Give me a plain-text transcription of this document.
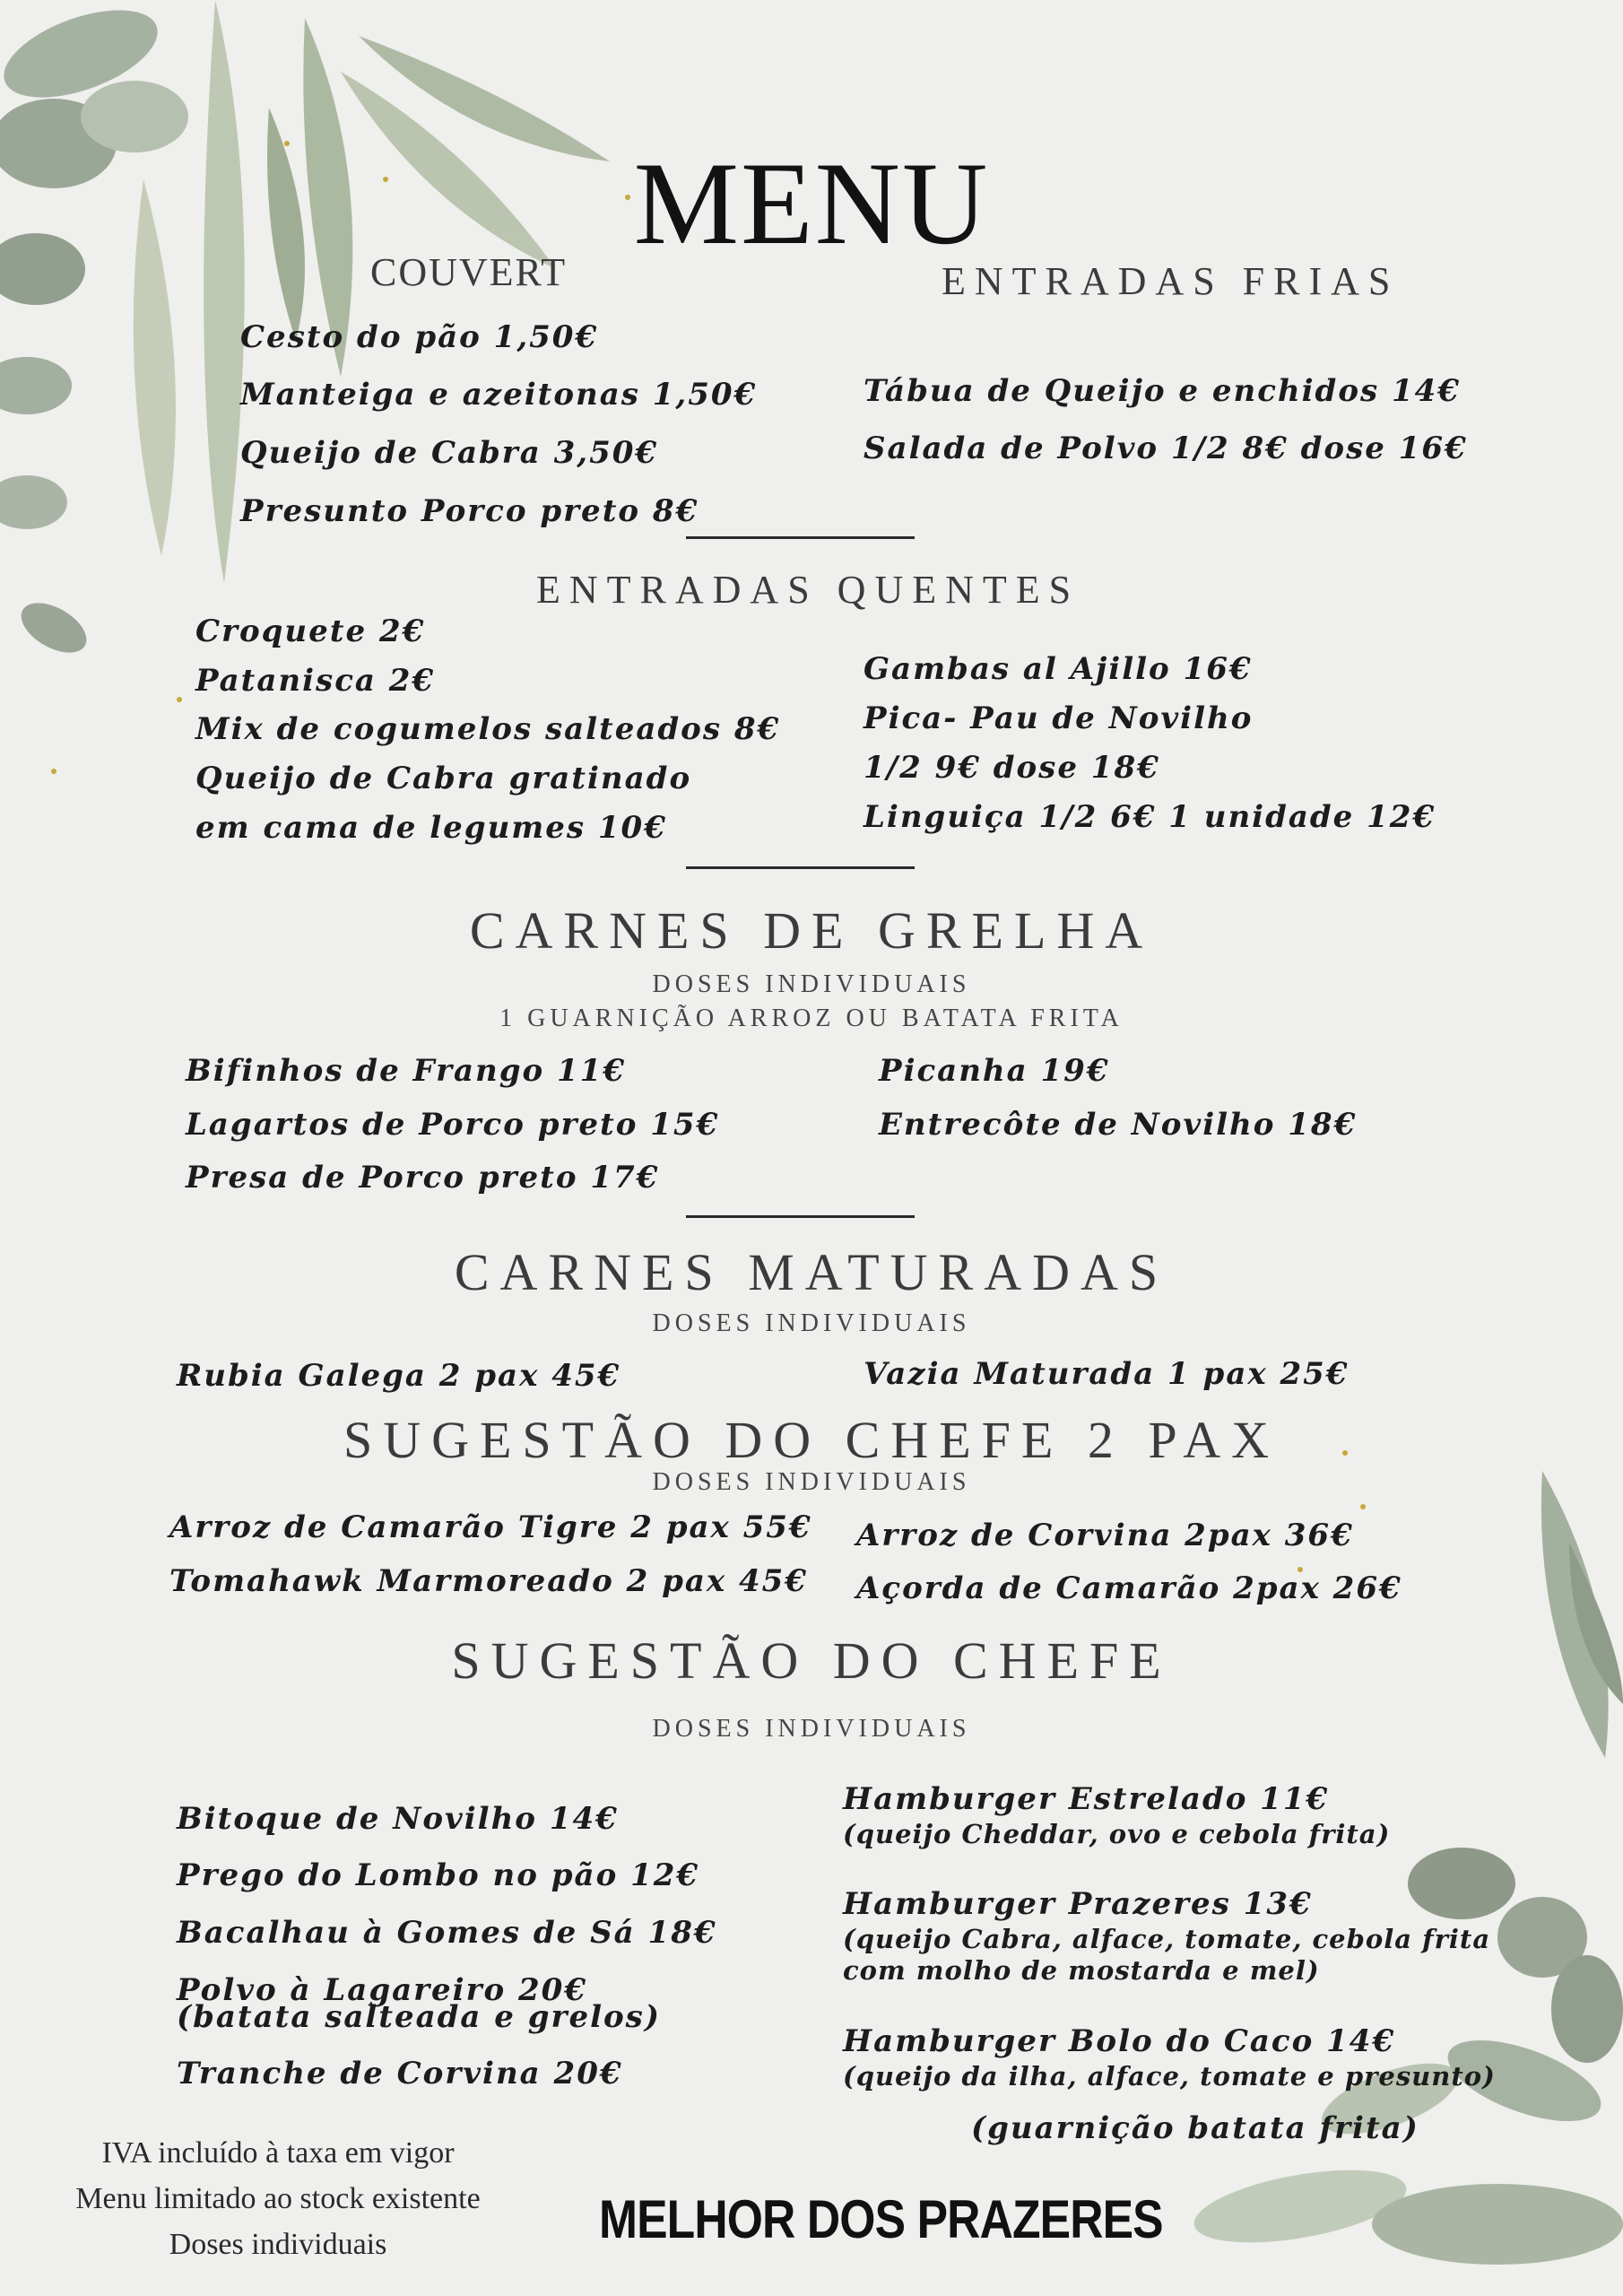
MENU
COUVERT
Cesto do pão 1,50€
Manteiga e azeitonas 1,50€
Queijo de Cabra 3,50€
Presunto Porco preto 8€
ENTRADAS FRIAS
Tábua de Queijo e enchidos 14€
Salada de Polvo 1/2 8€ dose 16€
ENTRADAS QUENTES
Croquete 2€
Patanisca 2€
Mix de cogumelos salteados 8€
Queijo de Cabra gratinado
em cama de legumes 10€
Gambas al Ajillo 16€
Pica- Pau de Novilho
1/2 9€ dose 18€
Linguiça 1/2 6€ 1 unidade 12€
CARNES DE GRELHA
DOSES INDIVIDUAIS
1 GUARNIÇÃO ARROZ OU BATATA FRITA
Bifinhos de Frango 11€
Lagartos de Porco preto 15€
Presa de Porco preto 17€
Picanha 19€
Entrecôte de Novilho 18€
CARNES MATURADAS
DOSES INDIVIDUAIS
Rubia Galega 2 pax 45€	Vazia Maturada 1 pax 25€
SUGESTÃO DO CHEFE 2 PAX
DOSES INDIVIDUAIS
Arroz de Camarão Tigre 2 pax 55€
Tomahawk Marmoreado 2 pax 45€
Arroz de Corvina 2pax 36€
Açorda de Camarão 2pax 26€
SUGESTÃO DO CHEFE
DOSES INDIVIDUAIS
Bitoque de Novilho 14€
Prego do Lombo no pão 12€
Bacalhau à Gomes de Sá 18€
Polvo à Lagareiro 20€
(batata salteada e grelos)
Tranche de Corvina 20€
Hamburger Estrelado 11€
(queijo Cheddar, ovo e cebola frita)
Hamburger Prazeres 13€
(queijo Cabra, alface, tomate, cebola frita
com molho de mostarda e mel)
Hamburger Bolo do Caco 14€
(queijo da ilha, alface, tomate e presunto)
(guarnição batata frita)
IVA incluído à taxa em vigor
Menu limitado ao stock existente
Doses individuais	MELHOR DOS PRAZERES
